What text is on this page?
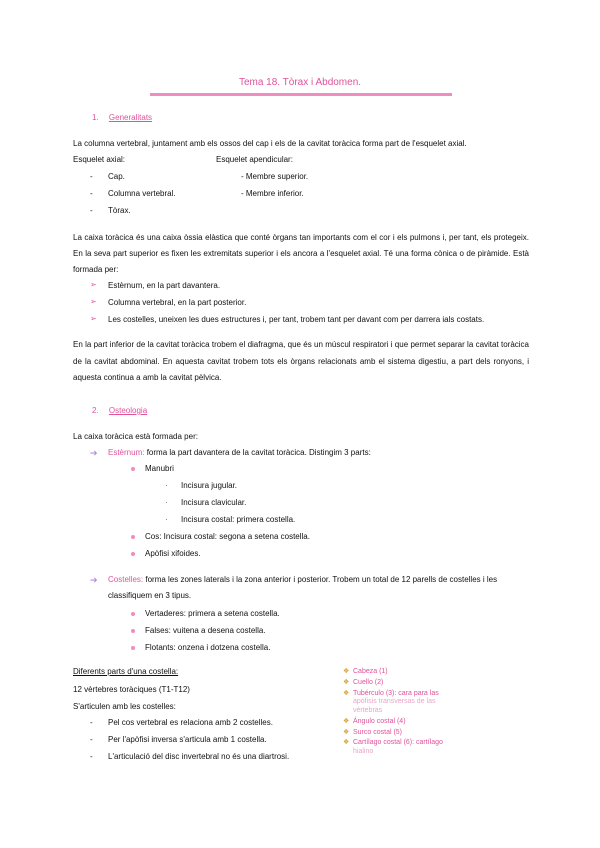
Tema 18. Tòrax i Abdomen.
1. Generalitats
La columna vertebral, juntament amb els ossos del cap i els de la cavitat toràcica forma part de l'esquelet axial.
Esquelet axial:	Esquelet apendicular:
- Cap.	- Membre superior.
- Columna vertebral.	- Membre inferior.
- Tòrax.
La caixa toràcica és una caixa òssia elàstica que conté òrgans tan importants com el cor i els pulmons i, per tant, els protegeix. En la seva part superior es fixen les extremitats superior i els ancora a l'esquelet axial. Té una forma cònica o de piràmide. Està formada per:
➢ Estèrnum, en la part davantera.
➢ Columna vertebral, en la part posterior.
➢ Les costelles, uneixen les dues estructures i, per tant, trobem tant per davant com per darrera ials costats.
En la part inferior de la cavitat toràcica trobem el diafragma, que és un múscul respiratori i que permet separar la cavitat toràcica de la cavitat abdominal. En aquesta cavitat trobem tots els òrgans relacionats amb el sistema digestiu, a part dels ronyons, i aquesta continua a amb la cavitat pèlvica.
2. Osteologia
La caixa toràcica està formada per:
➔ Estèrnum: forma la part davantera de la cavitat toràcica. Distingim 3 parts:
Manubri
· Incisura jugular.
· Incisura clavicular.
· Incisura costal: primera costella.
Cos: Incisura costal: segona a setena costella.
Apòfisi xifoides.
➔ Costelles: forma les zones laterals i la zona anterior i posterior. Trobem un total de 12 parells de costelles i les
classifiquem en 3 tipus.
Vertaderes: primera a setena costella.
Falses: vuitena a desena costella.
Flotants: onzena i dotzena costella.
Diferents parts d'una costella:
12 vèrtebres toràciques (T1-T12)
S'articulen amb les costelles:
- Pel cos vertebral es relaciona amb 2 costelles.
- Per l'apòfisi inversa s'articula amb 1 costella.
- L'articulació del disc invertebral no és una diartrosi.
❖ Cabeza (1)
❖ Cuello (2)
❖ Tubérculo (3): cara para las
apófisis transversas de las vértebras
❖ Ángulo costal (4)
❖ Surco costal (5)
❖ Cartílago costal (6): cartílago
hialino
